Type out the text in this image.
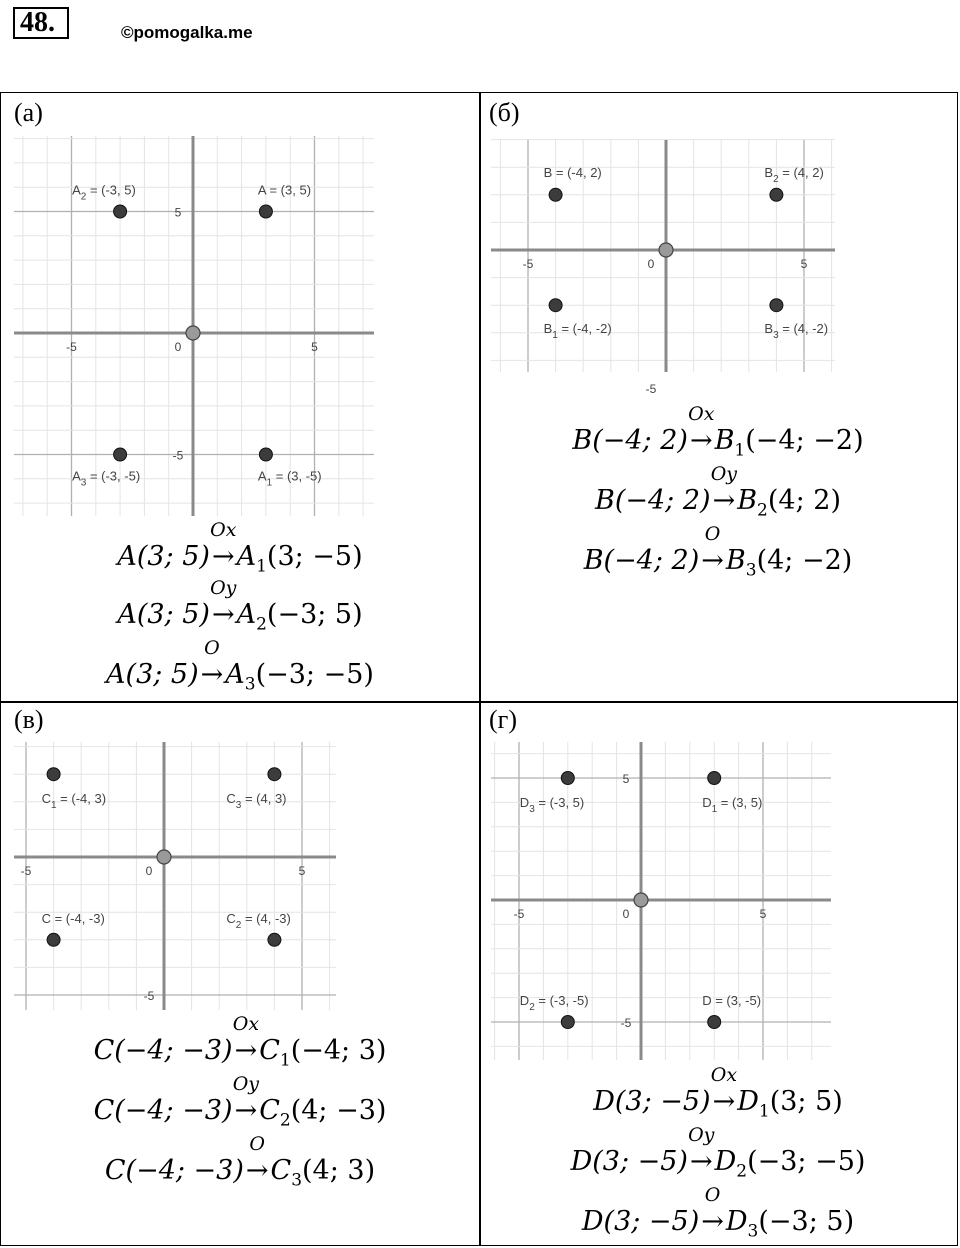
48.	©pomogalka.me
(а)	(б)
(в)	(г)
-5	0	5
5
-5
$A_2 = (-3$, 5)	A = (3, 5)
$A_3 = (-3$, -5)	$A_1 = (3$, -5)
-5	0	5
-5
B = (-4, 2)	$B_2 = (4$, 2)
$B_1 = (-4$, -2)	$B_3 = (4$, -2)
-5	0	5
-5
$C_1 = (-4$, 3)	$C_3 = (4$, 3)
C = (-4, -3)	$C_2 = (4$, -3)	-5	0	5
5
-5
$D_3 = (-3$, 5)	$D_1 = (3$, 5)
$D_2 = (-3$, -5)	D = (3, -5)
A(3; 5)→
Ox
$A_1(3$; −5)
A(3; 5)→
Oy
$A_2(-3$; 5)
A(3; 5)→
O
$A_3(-3$; −5)
B(−4; 2)→
Ox
$B_1(-4$; −2)
B(−4; 2)→
Oy
$B_2(4$; 2)
B(−4; 2)→
O
$B_3(4$; −2)
C(−4; −3)→
Ox
$C_1(-4$; 3)
C(−4; −3)→
Oy
$C_2(4$; −3)
C(−4; −3)→
O
$C_3(4$; 3)
D(3; −5)→
Ox
$D_1(3$; 5)
D(3; −5)→
Oy
$D_2(-3$; −5)
D(3; −5)→
O
$D_3(-3$; 5)
